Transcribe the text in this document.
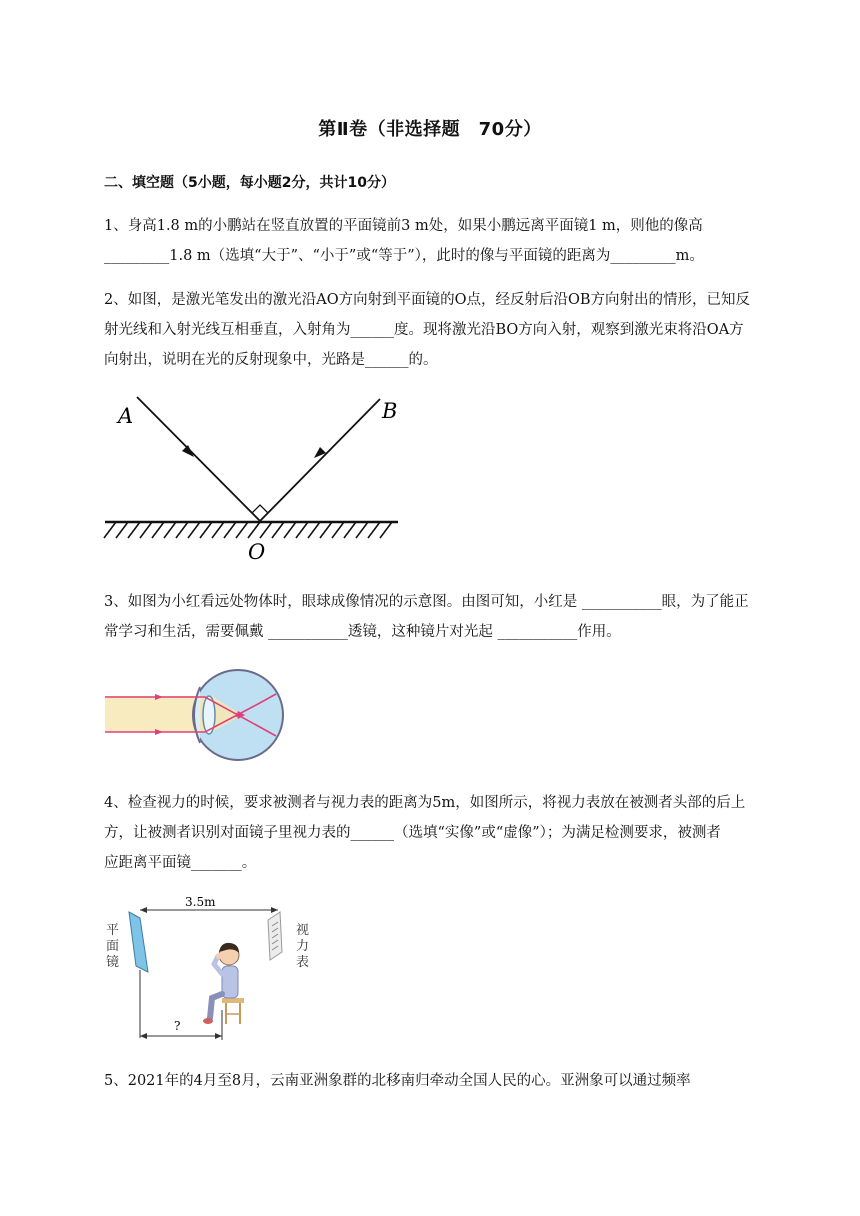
第Ⅱ卷（非选择题　70分）
二、填空题（5小题，每小题2分，共计10分）
1、身高1.8 m的小鹏站在竖直放置的平面镜前3 m处，如果小鹏远离平面镜1 m，则他的像高
_________1.8 m（选填“大于”、“小于”或“等于”），此时的像与平面镜的距离为_________m。
2、如图，是激光笔发出的激光沿AO方向射到平面镜的O点，经反射后沿OB方向射出的情形，已知反
射光线和入射光线互相垂直，入射角为______度。现将激光沿BO方向入射，观察到激光束将沿OA方
向射出，说明在光的反射现象中，光路是______的。
A	B
O
3、如图为小红看远处物体时，眼球成像情况的示意图。由图可知，小红是 ___________眼，为了能正
常学习和生活，需要佩戴 ___________透镜，这种镜片对光起 ___________作用。
4、检查视力的时候，要求被测者与视力表的距离为5m，如图所示，将视力表放在被测者头部的后上
方，让被测者识别对面镜子里视力表的______（选填“实像”或“虚像”）；为满足检测要求，被测者
应距离平面镜_______。
3.5m
平
面
镜
视
力
表
?
5、2021年的4月至8月，云南亚洲象群的北移南归牵动全国人民的心。亚洲象可以通过频率
